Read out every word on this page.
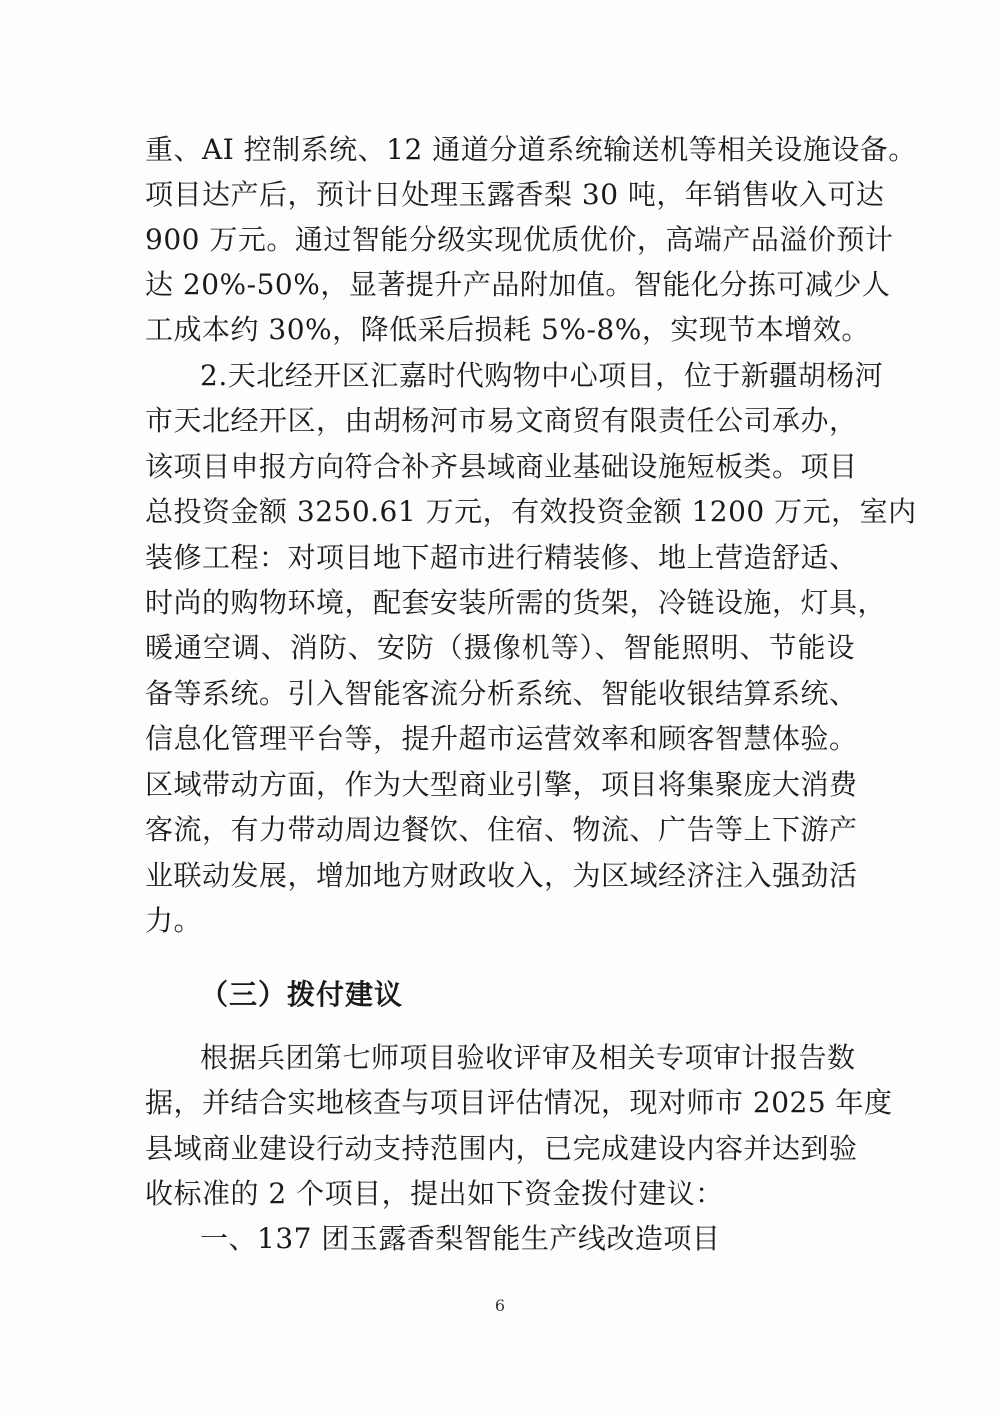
重、AI 控制系统、12 通道分道系统输送机等相关设施设备。
项目达产后，预计日处理玉露香梨 30 吨，年销售收入可达
900 万元。通过智能分级实现优质优价，高端产品溢价预计
达 20%-50%，显著提升产品附加值。智能化分拣可减少人
工成本约 30%，降低采后损耗 5%-8%，实现节本增效。
2.天北经开区汇嘉时代购物中心项目，位于新疆胡杨河
市天北经开区，由胡杨河市易文商贸有限责任公司承办，
该项目申报方向符合补齐县域商业基础设施短板类。项目
总投资金额 3250.61 万元，有效投资金额 1200 万元，室内
装修工程：对项目地下超市进行精装修、地上营造舒适、
时尚的购物环境，配套安装所需的货架，冷链设施，灯具，
暖通空调、消防、安防（摄像机等）、智能照明、节能设
备等系统。引入智能客流分析系统、智能收银结算系统、
信息化管理平台等，提升超市运营效率和顾客智慧体验。
区域带动方面，作为大型商业引擎，项目将集聚庞大消费
客流，有力带动周边餐饮、住宿、物流、广告等上下游产
业联动发展，增加地方财政收入，为区域经济注入强劲活
力。
（三）拨付建议
根据兵团第七师项目验收评审及相关专项审计报告数
据，并结合实地核查与项目评估情况，现对师市 2025 年度
县域商业建设行动支持范围内，已完成建设内容并达到验
收标准的 2 个项目，提出如下资金拨付建议：
一、137 团玉露香梨智能生产线改造项目
6
